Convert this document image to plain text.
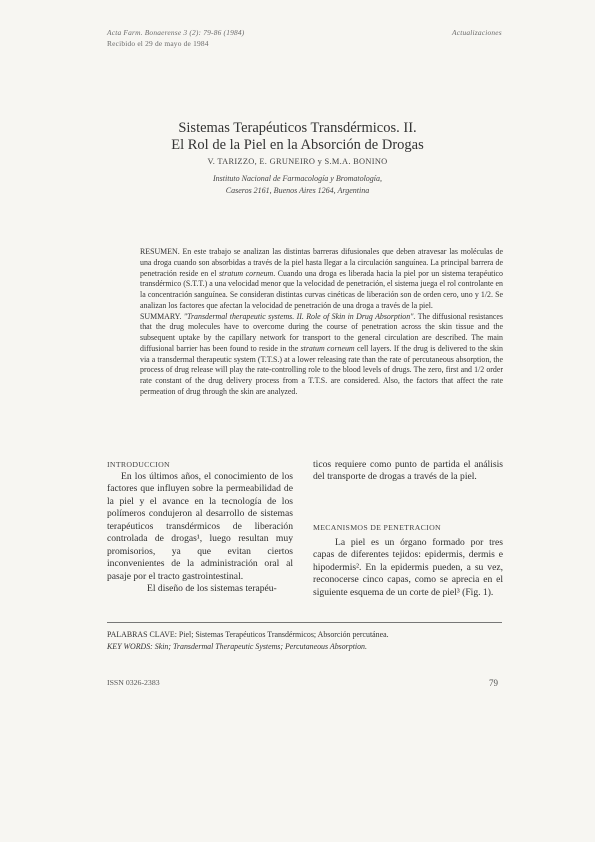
Acta Farm. Bonaerense 3 (2): 79-86 (1984)
Recibido el 29 de mayo de 1984
Actualizaciones
Sistemas Terapéuticos Transdérmicos. II.
El Rol de la Piel en la Absorción de Drogas
V. TARIZZO, E. GRUNEIRO y S.M.A. BONINO
Instituto Nacional de Farmacología y Bromatología,
Caseros 2161, Buenos Aires 1264, Argentina

RESUMEN. En este trabajo se analizan las distintas barreras difusionales que deben atravesar las moléculas de una droga cuando son absorbidas a través de la piel hasta llegar a la circulación sanguínea. La principal barrera de penetración reside en el stratum corneum. Cuando una droga es liberada hacia la piel por un sistema terapéutico transdérmico (S.T.T.) a una velocidad menor que la velocidad de penetración, el sistema juega el rol controlante en la concentración sanguínea. Se consideran distintas curvas cinéticas de liberación son de orden cero, uno y 1/2. Se analizan los factores que afectan la velocidad de penetración de una droga a través de la piel.

SUMMARY. "Transdermal therapeutic systems. II. Role of Skin in Drug Absorption". The diffusional resistances that the drug molecules have to overcome during the course of penetration across the skin tissue and the subsequent uptake by the capillary network for transport to the general circulation are described. The main diffusional barrier has been found to reside in the stratum corneum cell layers. If the drug is delivered to the skin via a transdermal therapeutic system (T.T.S.) at a lower releasing rate than the rate of percutaneous absorption, the process of drug release will play the rate-controlling role to the blood levels of drugs. The zero, first and 1/2 order rate constant of the drug delivery process from a T.T.S. are considered. Also, the factors that affect the rate permeation of drug through the skin are analyzed.

INTRODUCCION

En los últimos años, el conocimiento de los factores que influyen sobre la permeabilidad de la piel y el avance en la tecnología de los polímeros condujeron al desarrollo de sistemas terapéuticos transdérmicos de liberación controlada de drogas¹, luego resultan muy promisorios, ya que evitan ciertos inconvenientes de la administración oral al pasaje por el tracto gastrointestinal.

El diseño de los sistemas terapéu-

ticos requiere como punto de partida el análisis del transporte de drogas a través de la piel.
MECANISMOS DE PENETRACION

La piel es un órgano formado por tres capas de diferentes tejidos: epidermis, dermis e hipodermis². En la epidermis pueden, a su vez, reconocerse cinco capas, como se aprecia en el siguiente esquema de un corte de piel³ (Fig. 1).

PALABRAS CLAVE: Piel; Sistemas Terapéuticos Transdérmicos; Absorción percutánea.
KEY WORDS: Skin; Transdermal Therapeutic Systems; Percutaneous Absorption.
ISSN 0326-2383	79
